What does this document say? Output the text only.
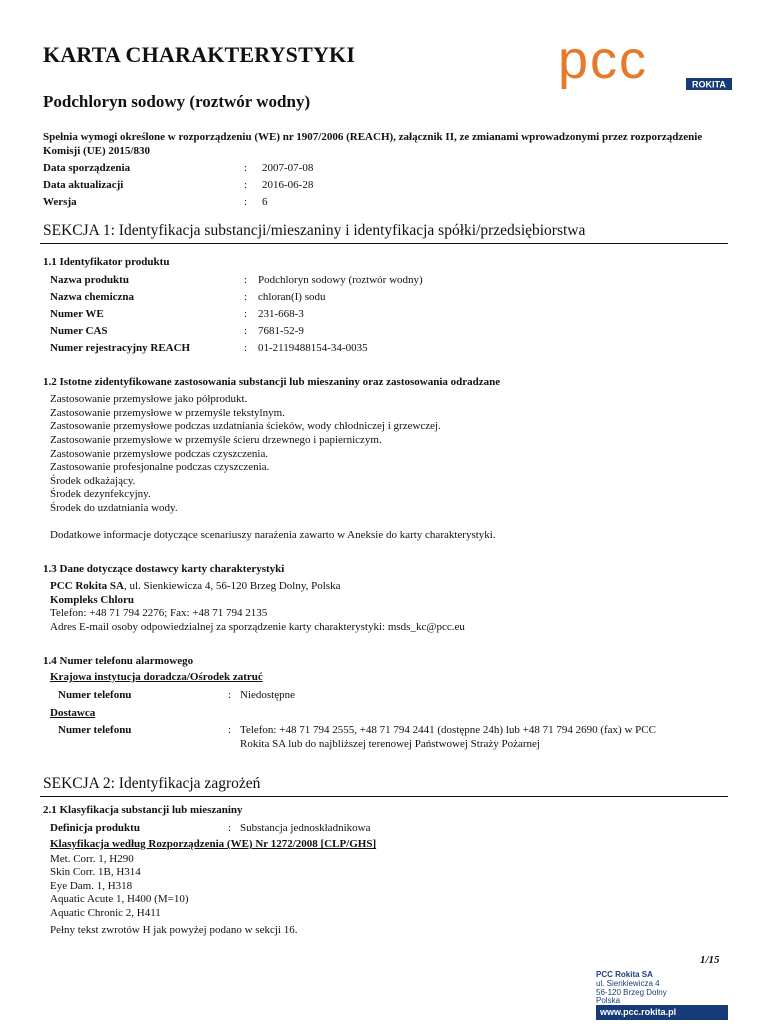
KARTA CHARAKTERYSTYKI	pcc	ROKITA
Podchloryn sodowy (roztwór wodny)
Spełnia wymogi określone w rozporządzeniu (WE) nr 1907/2006 (REACH), załącznik II, ze zmianami wprowadzonymi przez rozporządzenie Komisji (UE) 2015/830
Data sporządzenia	: 2007-07-08
Data aktualizacji	: 2016-06-28
Wersja	: 6
SEKCJA 1: Identyfikacja substancji/mieszaniny i identyfikacja spółki/przedsiębiorstwa
1.1 Identyfikator produktu
Nazwa produktu	: Podchloryn sodowy (roztwór wodny)
Nazwa chemiczna	: chloran(I) sodu
Numer WE	: 231-668-3
Numer CAS	: 7681-52-9
Numer rejestracyjny REACH	: 01-2119488154-34-0035
1.2 Istotne zidentyfikowane zastosowania substancji lub mieszaniny oraz zastosowania odradzane
Zastosowanie przemysłowe jako półprodukt.
Zastosowanie przemysłowe w przemyśle tekstylnym.
Zastosowanie przemysłowe podczas uzdatniania ścieków, wody chłodniczej i grzewczej.
Zastosowanie przemysłowe w przemyśle ścieru drzewnego i papierniczym.
Zastosowanie przemysłowe podczas czyszczenia.
Zastosowanie profesjonalne podczas czyszczenia.
Środek odkażający.
Środek dezynfekcyjny.
Środek do uzdatniania wody.
Dodatkowe informacje dotyczące scenariuszy narażenia zawarto w Aneksie do karty charakterystyki.
1.3 Dane dotyczące dostawcy karty charakterystyki
PCC Rokita SA, ul. Sienkiewicza 4, 56-120 Brzeg Dolny, Polska
Kompleks Chloru
Telefon: +48 71 794 2276; Fax: +48 71 794 2135
Adres E-mail osoby odpowiedzialnej za sporządzenie karty charakterystyki: msds_kc@pcc.eu
1.4 Numer telefonu alarmowego
Krajowa instytucja doradcza/Ośrodek zatruć
Numer telefonu	: Niedostępne
Dostawca
Numer telefonu	: Telefon: +48 71 794 2555, +48 71 794 2441 (dostępne 24h) lub +48 71 794 2690 (fax) w PCC
Rokita SA lub do najbliższej terenowej Państwowej Straży Pożarnej
SEKCJA 2: Identyfikacja zagrożeń
2.1 Klasyfikacja substancji lub mieszaniny
Definicja produktu	: Substancja jednoskładnikowa
Klasyfikacja według Rozporządzenia (WE) Nr 1272/2008 [CLP/GHS]
Met. Corr. 1, H290
Skin Corr. 1B, H314
Eye Dam. 1, H318
Aquatic Acute 1, H400 (M=10)
Aquatic Chronic 2, H411
Pełny tekst zwrotów H jak powyżej podano w sekcji 16.
1/15
PCC Rokita SA
ul. Sienkiewicza 4
56-120 Brzeg Dolny
Polska
www.pcc.rokita.pl
